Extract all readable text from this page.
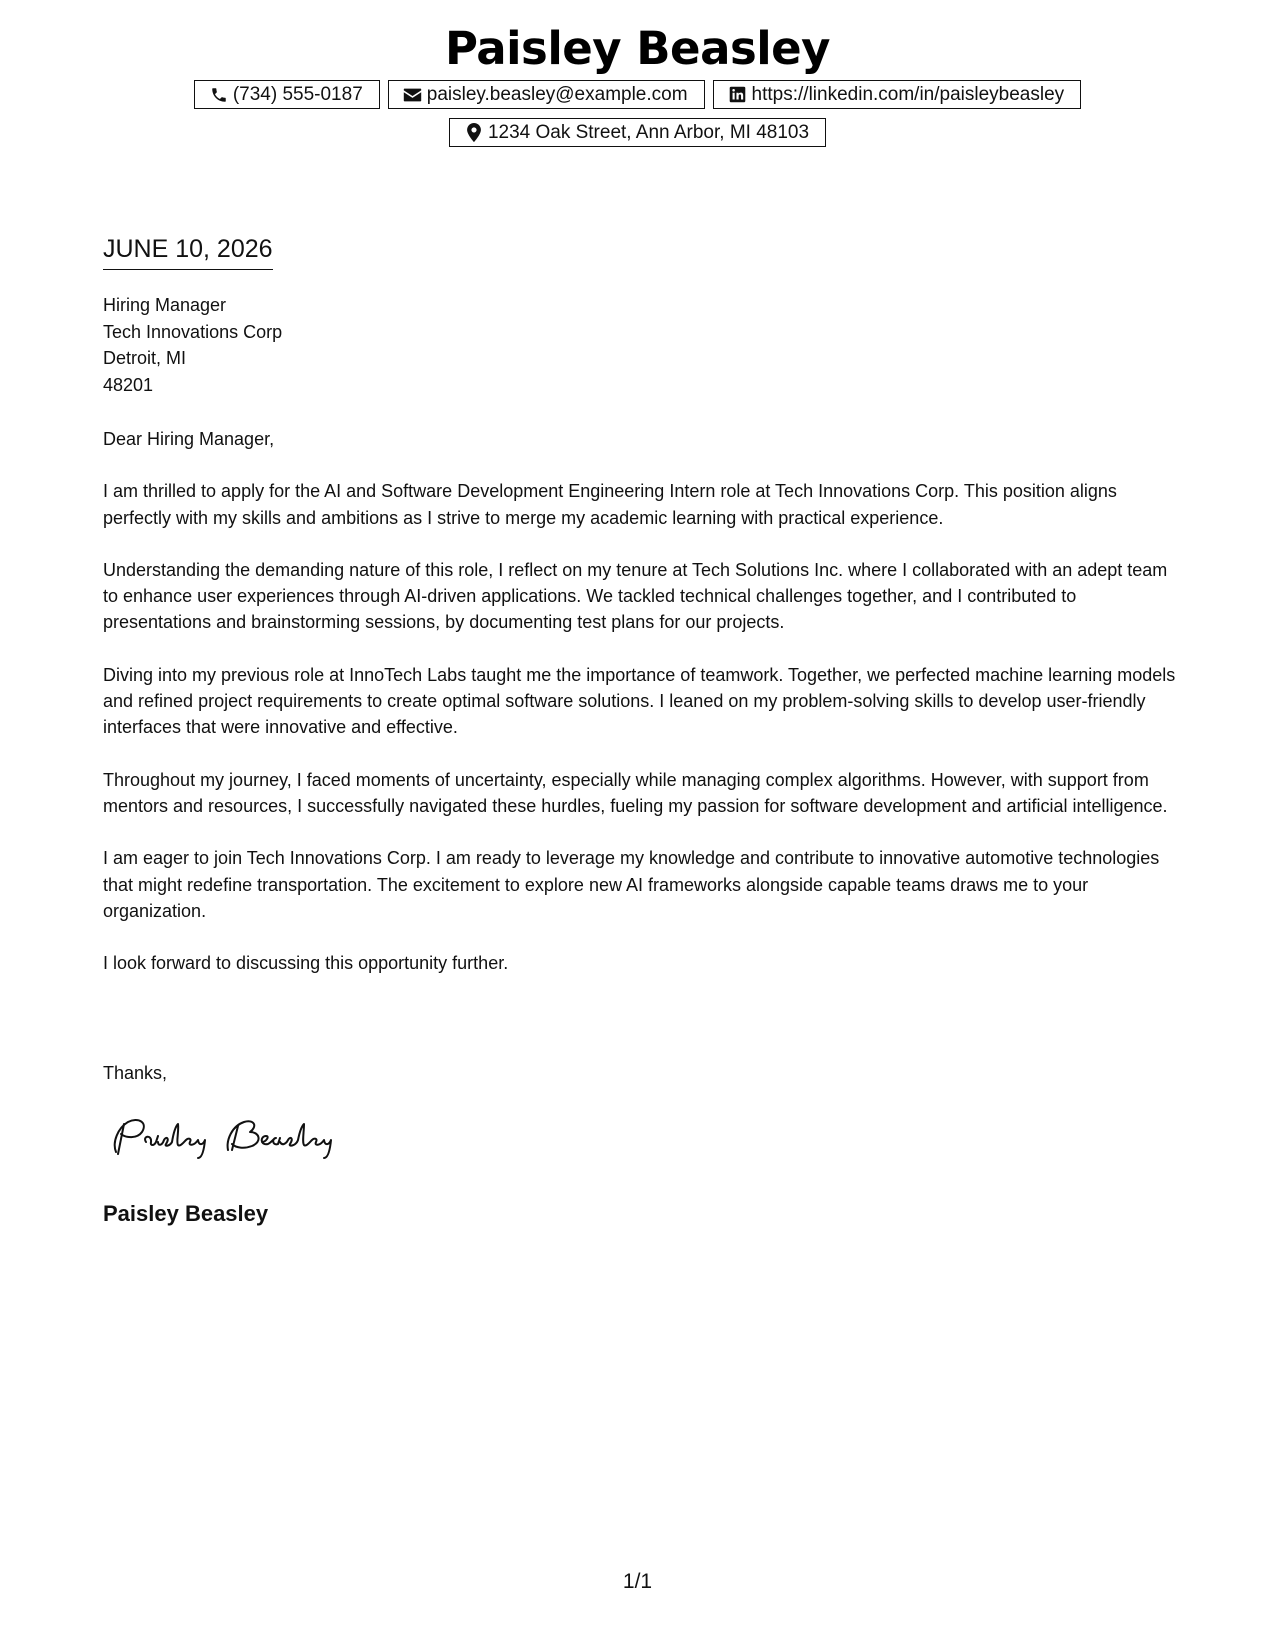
Paisley Beasley
(734) 555-0187	paisley.beasley@example.com	https://linkedin.com/in/paisleybeasley
1234 Oak Street, Ann Arbor, MI 48103
JUNE 10, 2026
Hiring Manager
Tech Innovations Corp
Detroit, MI
48201

Dear Hiring Manager,

I am thrilled to apply for the AI and Software Development Engineering Intern role at Tech Innovations Corp. This position aligns perfectly with my skills and ambitions as I strive to merge my academic learning with practical experience.

Understanding the demanding nature of this role, I reflect on my tenure at Tech Solutions Inc. where I collaborated with an adept team to enhance user experiences through AI-driven applications. We tackled technical challenges together, and I contributed to presentations and brainstorming sessions, by documenting test plans for our projects.

Diving into my previous role at InnoTech Labs taught me the importance of teamwork. Together, we perfected machine learning models and refined project requirements to create optimal software solutions. I leaned on my problem-solving skills to develop user-friendly interfaces that were innovative and effective.

Throughout my journey, I faced moments of uncertainty, especially while managing complex algorithms. However, with support from mentors and resources, I successfully navigated these hurdles, fueling my passion for software development and artificial intelligence.

I am eager to join Tech Innovations Corp. I am ready to leverage my knowledge and contribute to innovative automotive technologies that might redefine transportation. The excitement to explore new AI frameworks alongside capable teams draws me to your organization.

I look forward to discussing this opportunity further.

Thanks,
Paisley Beasley
1/1
